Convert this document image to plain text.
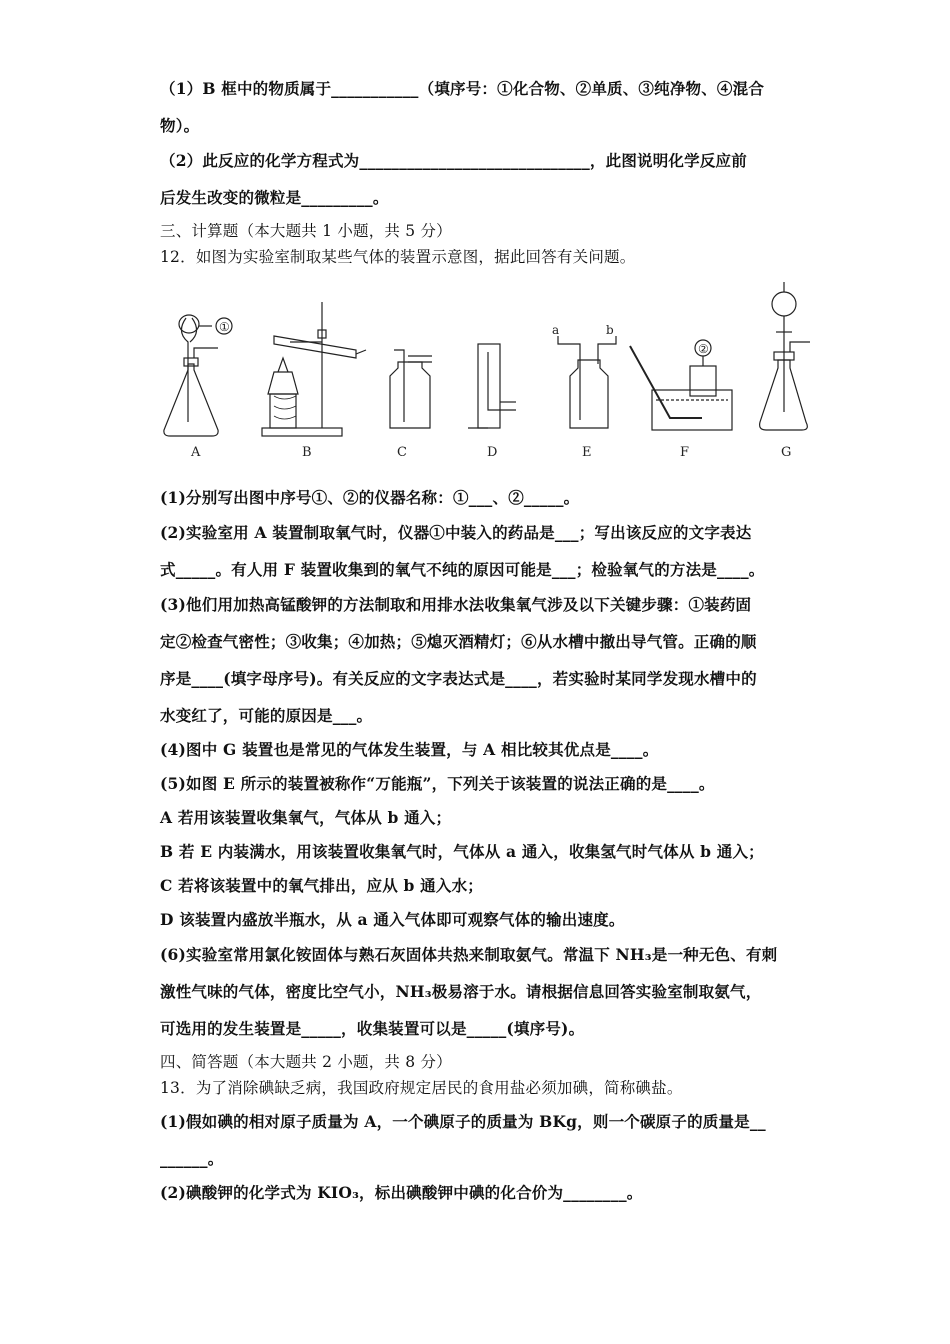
（1）B 框中的物质属于___________（填序号：①化合物、②单质、③纯净物、④混合
物）。
（2）此反应的化学方程式为_____________________________，此图说明化学反应前
后发生改变的微粒是_________。
三、计算题（本大题共 1 小题，共 5 分）
12．如图为实验室制取某些气体的装置示意图，据此回答有关问题。
①	a	b
②
A	B	C	D	E	F	G
(1)分别写出图中序号①、②的仪器名称：①___、②_____。
(2)实验室用 A 装置制取氧气时，仪器①中装入的药品是___；写出该反应的文字表达
式_____。有人用 F 装置收集到的氧气不纯的原因可能是___；检验氧气的方法是____。
(3)他们用加热高锰酸钾的方法制取和用排水法收集氧气涉及以下关键步骤：①装药固
定②检查气密性；③收集；④加热；⑤熄灭酒精灯；⑥从水槽中撤出导气管。正确的顺
序是____(填字母序号)。有关反应的文字表达式是____，若实验时某同学发现水槽中的
水变红了，可能的原因是___。
(4)图中 G 装置也是常见的气体发生装置，与 A 相比较其优点是____。
(5)如图 E 所示的装置被称作“万能瓶”，下列关于该装置的说法正确的是____。
A 若用该装置收集氧气，气体从 b 通入；
B 若 E 内装满水，用该装置收集氧气时，气体从 a 通入，收集氢气时气体从 b 通入；
C 若将该装置中的氧气排出，应从 b 通入水；
D 该装置内盛放半瓶水，从 a 通入气体即可观察气体的输出速度。
(6)实验室常用氯化铵固体与熟石灰固体共热来制取氨气。常温下 NH₃是一种无色、有刺
激性气味的气体，密度比空气小，NH₃极易溶于水。请根据信息回答实验室制取氨气，
可选用的发生装置是_____，收集装置可以是_____(填序号)。
四、简答题（本大题共 2 小题，共 8 分）
13．为了消除碘缺乏病，我国政府规定居民的食用盐必须加碘，简称碘盐。
(1)假如碘的相对原子质量为 A，一个碘原子的质量为 BKg，则一个碳原子的质量是__
______。
(2)碘酸钾的化学式为 KIO₃，标出碘酸钾中碘的化合价为________。
